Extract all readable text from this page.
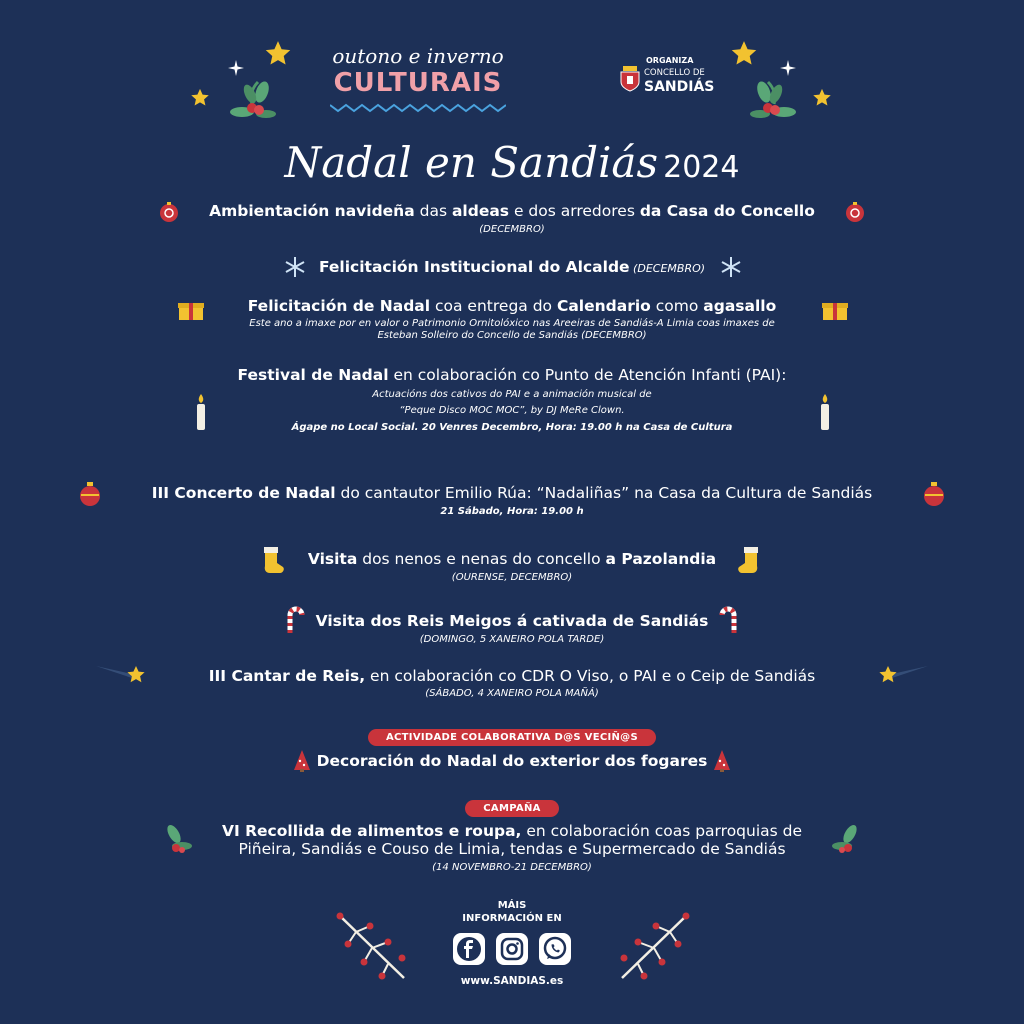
outono e inverno
CULTURAIS
ORGANIZA
CONCELLO DE
SANDIÁS
Nadal en Sandiás 2024
Ambientación navideña das aldeas e dos arredores da Casa do Concello
(DECEMBRO)
Felicitación Institucional do Alcalde (DECEMBRO)
Felicitación de Nadal coa entrega do Calendario como agasallo
Este ano a imaxe por en valor o Patrimonio Ornitolóxico nas Areeiras de Sandiás-A Limia coas imaxes de
Esteban Solleiro do Concello de Sandiás (DECEMBRO)
Festival de Nadal en colaboración co Punto de Atención Infanti (PAI):
Actuacións dos cativos do PAI e a animación musical de
“Peque Disco MOC MOC”, by DJ MeRe Clown.
Ágape no Local Social. 20 Venres Decembro, Hora: 19.00 h na Casa de Cultura
III Concerto de Nadal do cantautor Emilio Rúa: “Nadaliñas” na Casa da Cultura de Sandiás
21 Sábado, Hora: 19.00 h
Visita dos nenos e nenas do concello a Pazolandia
(OURENSE, DECEMBRO)
Visita dos Reis Meigos á cativada de Sandiás
(DOMINGO, 5 XANEIRO POLA TARDE)
III Cantar de Reis, en colaboración co CDR O Viso, o PAI e o Ceip de Sandiás
(SÁBADO, 4 XANEIRO POLA MAÑÁ)
ACTIVIDADE COLABORATIVA D@S VECIÑ@S
Decoración do Nadal do exterior dos fogares
CAMPAÑA
VI Recollida de alimentos e roupa, en colaboración coas parroquias de
Piñeira, Sandiás e Couso de Limia, tendas e Supermercado de Sandiás
(14 NOVEMBRO-21 DECEMBRO)
MÁIS
INFORMACIÓN EN
www.SANDIAS.es
